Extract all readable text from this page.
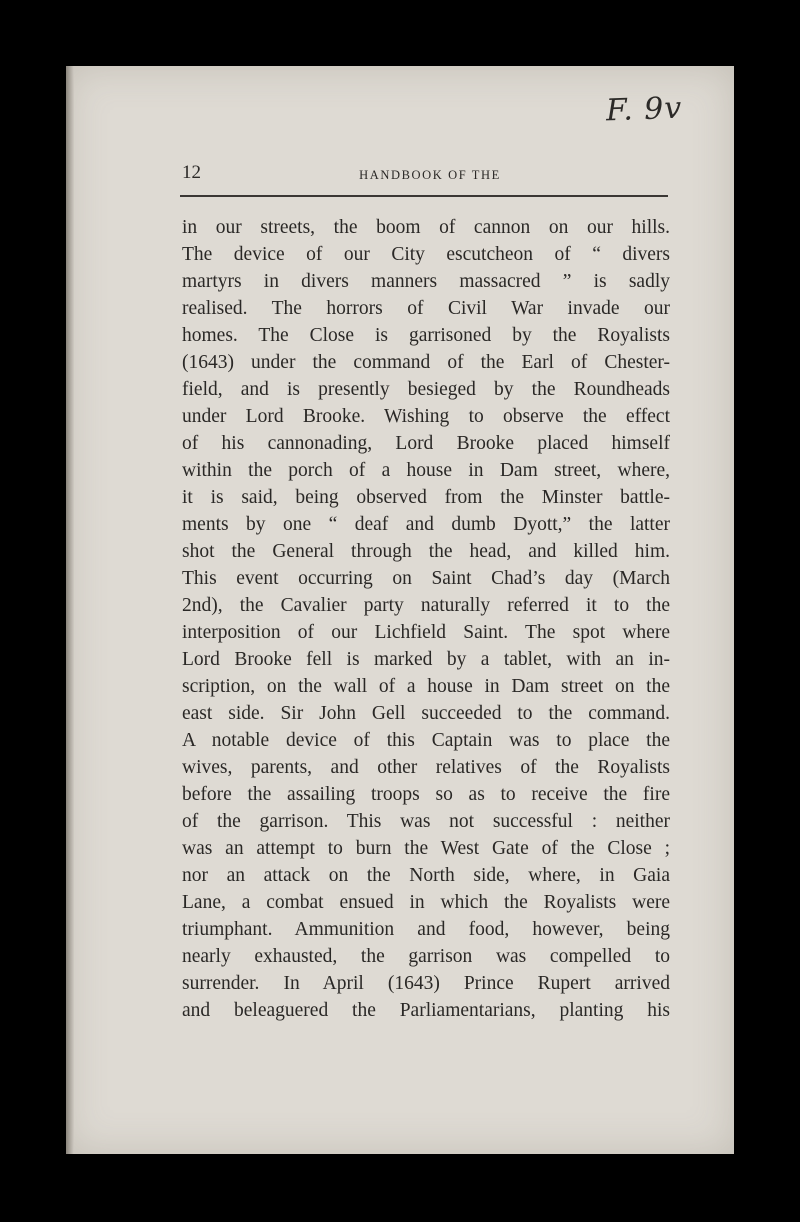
F. 9v
12	HANDBOOK OF THE
in our streets, the boom of cannon on our hills.
The device of our City escutcheon of “ divers
martyrs in divers manners massacred ” is sadly
realised. The horrors of Civil War invade our
homes. The Close is garrisoned by the Royalists
(1643) under the command of the Earl of Chester-
field, and is presently besieged by the Roundheads
under Lord Brooke. Wishing to observe the effect
of his cannonading, Lord Brooke placed himself
within the porch of a house in Dam street, where,
it is said, being observed from the Minster battle-
ments by one “ deaf and dumb Dyott,” the latter
shot the General through the head, and killed him.
This event occurring on Saint Chad’s day (March
2nd), the Cavalier party naturally referred it to the
interposition of our Lichfield Saint. The spot where
Lord Brooke fell is marked by a tablet, with an in-
scription, on the wall of a house in Dam street on the
east side. Sir John Gell succeeded to the command.
A notable device of this Captain was to place the
wives, parents, and other relatives of the Royalists
before the assailing troops so as to receive the fire
of the garrison. This was not successful : neither
was an attempt to burn the West Gate of the Close ;
nor an attack on the North side, where, in Gaia
Lane, a combat ensued in which the Royalists were
triumphant. Ammunition and food, however, being
nearly exhausted, the garrison was compelled to
surrender. In April (1643) Prince Rupert arrived
and beleaguered the Parliamentarians, planting his
